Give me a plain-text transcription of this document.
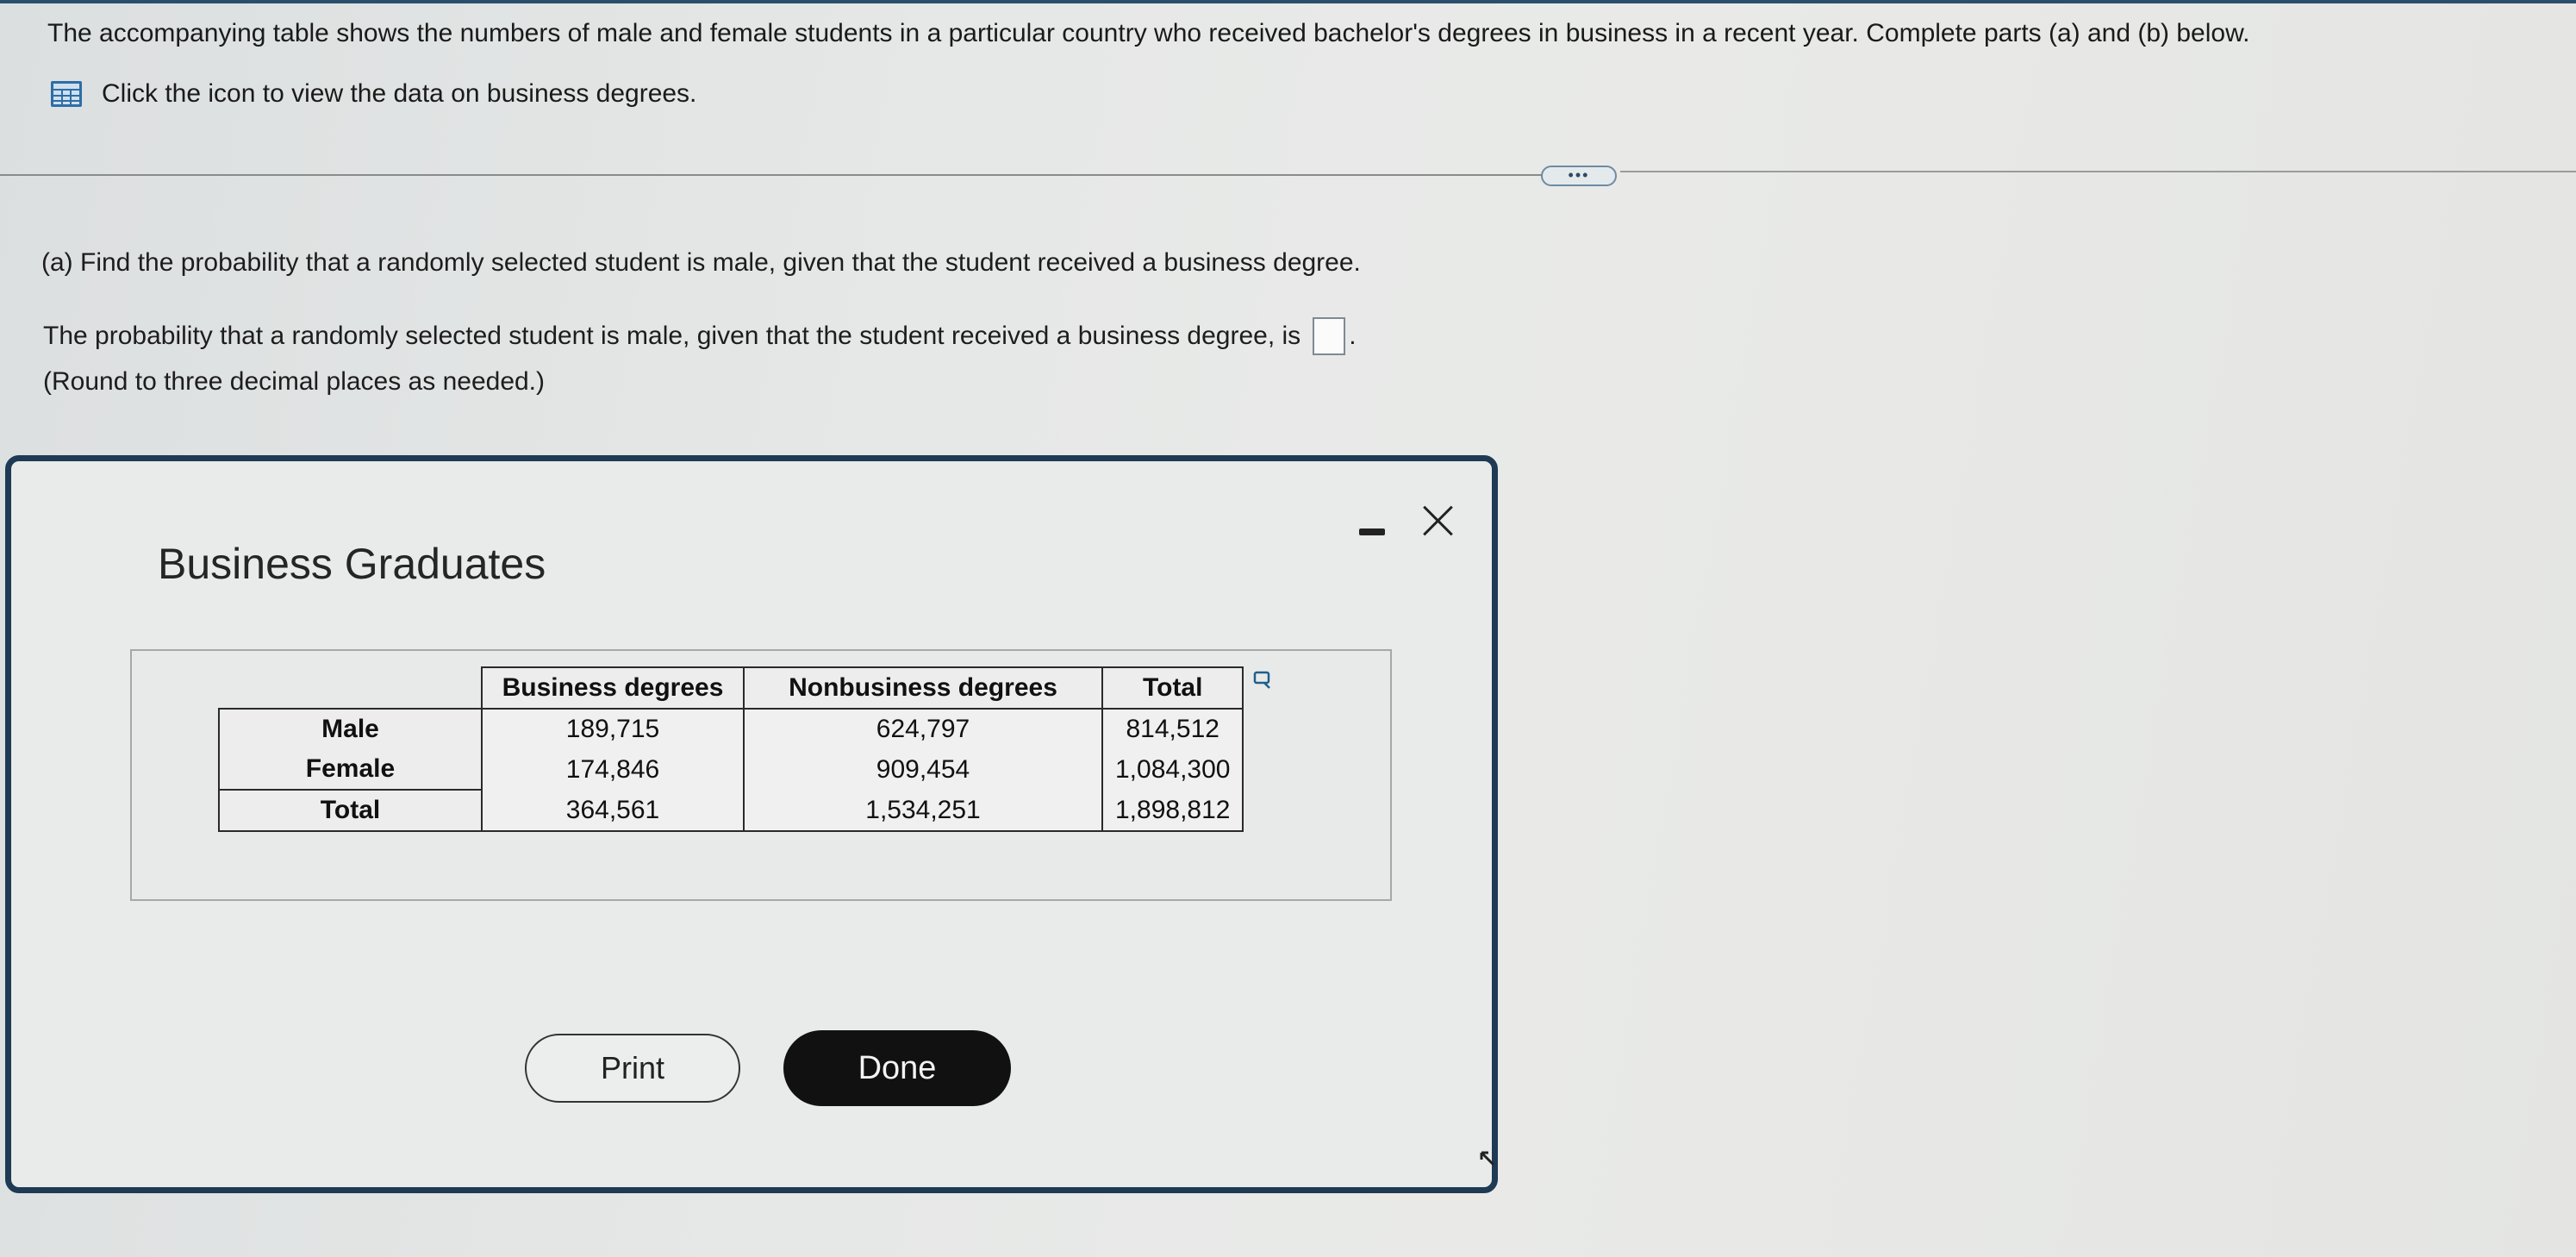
The accompanying table shows the numbers of male and female students in a particular country who received bachelor's degrees in business in a recent year. Complete parts (a) and (b) below.
Click the icon to view the data on business degrees.
•••
(a) Find the probability that a randomly selected student is male, given that the student received a business degree.
The probability that a randomly selected student is male, given that the student received a business degree, is .
(Round to three decimal places as needed.)
Business Graduates
	Business degrees	Nonbusiness degrees	Total
Male	189,715	624,797	814,512
Female	174,846	909,454	1,084,300
Total	364,561	1,534,251	1,898,812
Print	Done
